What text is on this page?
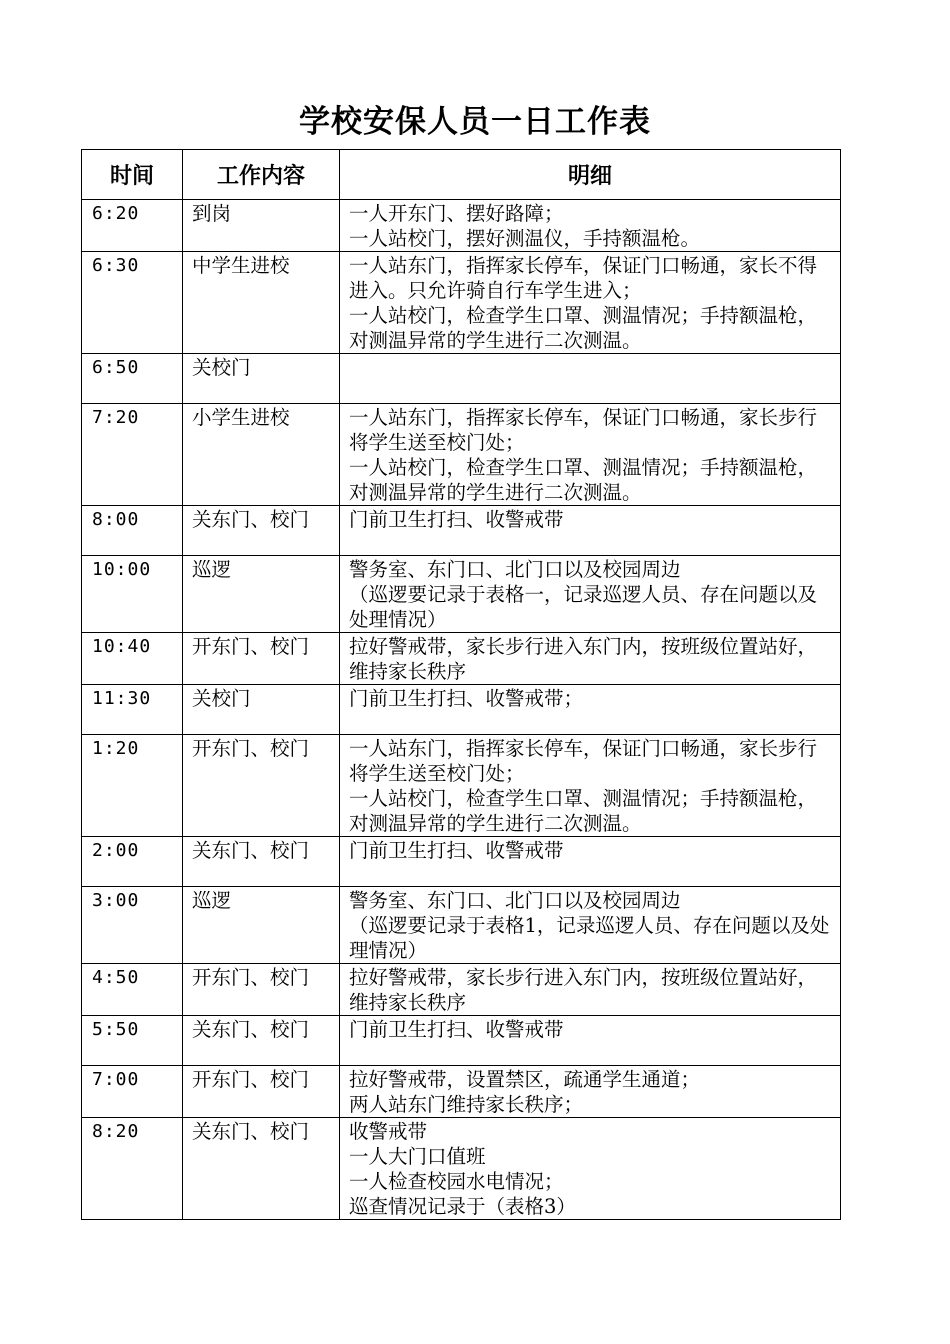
学校安保人员一日工作表
时间	工作内容	明细
6:20	到岗	一人开东门、摆好路障；
一人站校门，摆好测温仪，手持额温枪。

6:30	中学生进校	一人站东门，指挥家长停车，保证门口畅通，家长不得进入。只允许骑自行车学生进入；
一人站校门，检查学生口罩、测温情况；手持额温枪，对测温异常的学生进行二次测温。

6:50	关校门	
7:20	小学生进校	一人站东门，指挥家长停车，保证门口畅通，家长步行将学生送至校门处；
一人站校门，检查学生口罩、测温情况；手持额温枪，对测温异常的学生进行二次测温。

8:00	关东门、校门	门前卫生打扫、收警戒带

10:00	巡逻	警务室、东门口、北门口以及校园周边
（巡逻要记录于表格一，记录巡逻人员、存在问题以及处理情况）

10:40	开东门、校门	拉好警戒带，家长步行进入东门内，按班级位置站好，维持家长秩序

11:30	关校门	门前卫生打扫、收警戒带；

1:20	开东门、校门	一人站东门，指挥家长停车，保证门口畅通，家长步行将学生送至校门处；
一人站校门，检查学生口罩、测温情况；手持额温枪，对测温异常的学生进行二次测温。

2:00	关东门、校门	门前卫生打扫、收警戒带

3:00	巡逻	警务室、东门口、北门口以及校园周边
（巡逻要记录于表格1，记录巡逻人员、存在问题以及处理情况）

4:50	开东门、校门	拉好警戒带，家长步行进入东门内，按班级位置站好，维持家长秩序

5:50	关东门、校门	门前卫生打扫、收警戒带

7:00	开东门、校门	拉好警戒带，设置禁区，疏通学生通道；
两人站东门维持家长秩序；

8:20	关东门、校门	收警戒带
一人大门口值班
一人检查校园水电情况；
巡查情况记录于（表格3）
